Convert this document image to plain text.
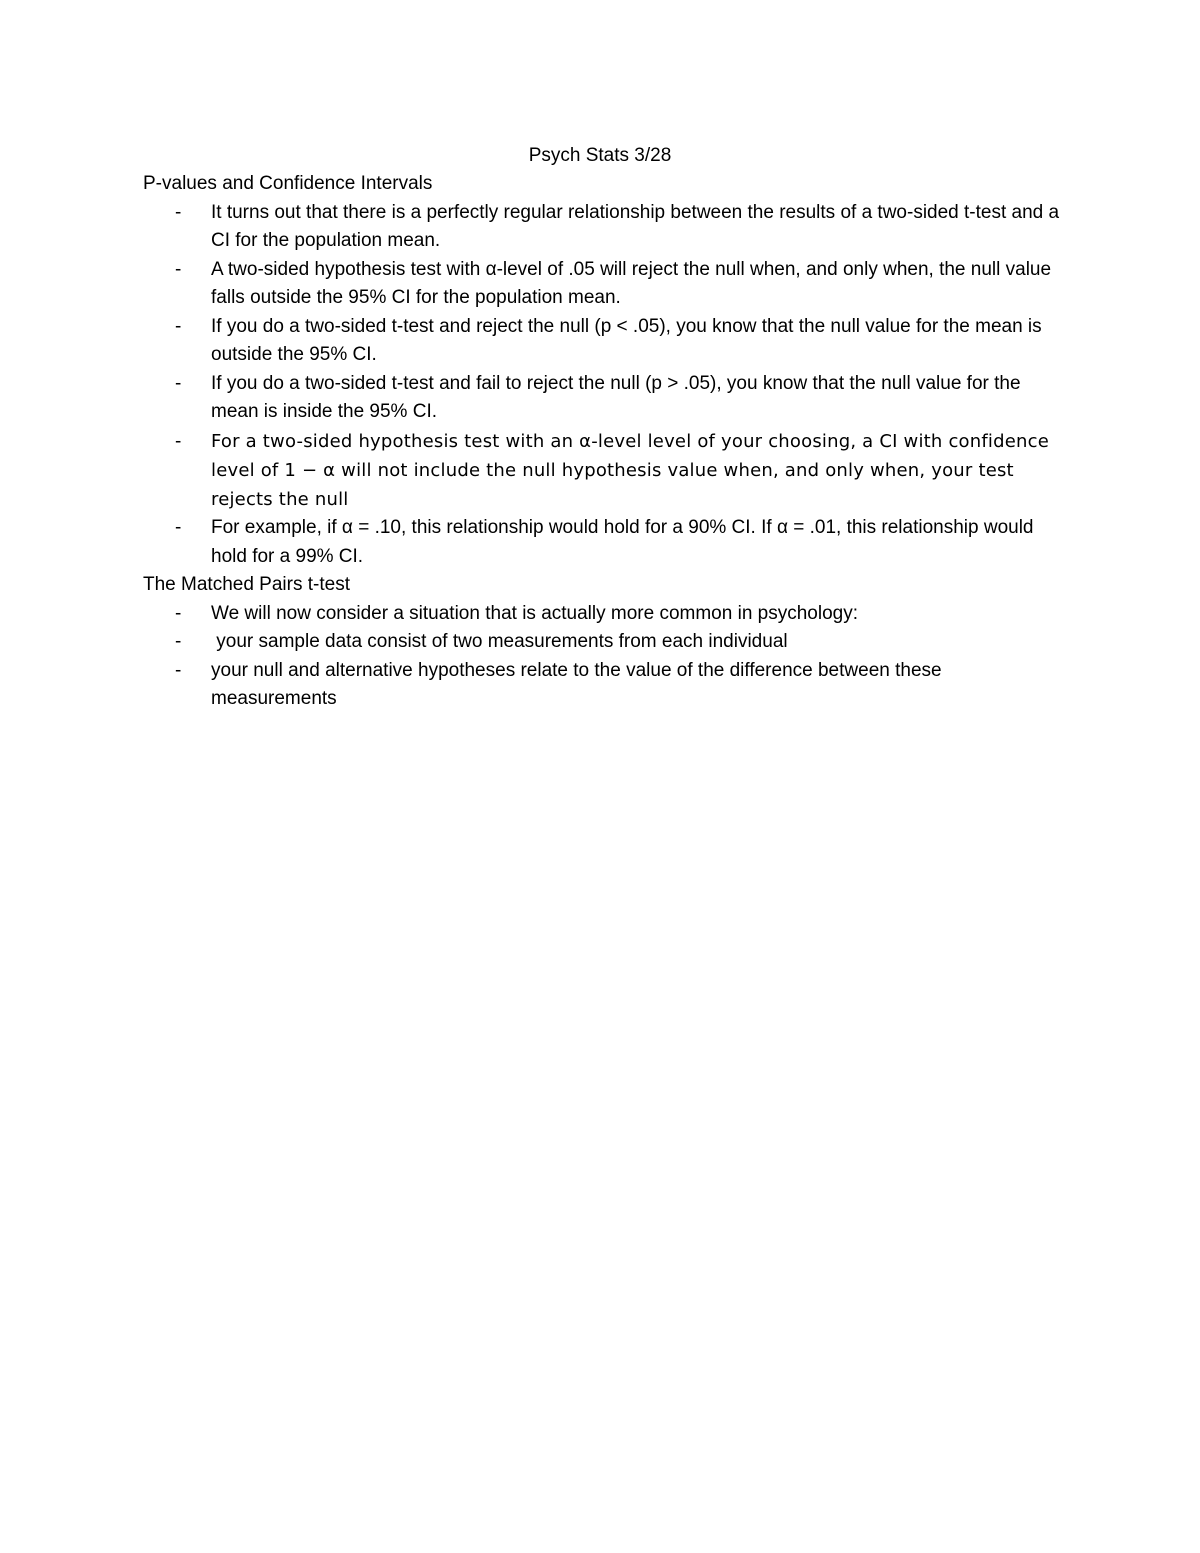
Psych Stats 3/28
P-values and Confidence Intervals
- It turns out that there is a perfectly regular relationship between the results of a two-sided t-test and a CI for the population mean.
- A two-sided hypothesis test with α-level of .05 will reject the null when, and only when, the null value falls outside the 95% CI for the population mean.
- If you do a two-sided t-test and reject the null (p < .05), you know that the null value for the mean is outside the 95% CI.
- If you do a two-sided t-test and fail to reject the null (p > .05), you know that the null value for the mean is inside the 95% CI.
- For a two-sided hypothesis test with an α-level level of your choosing, a CI with confidence level of 1 − α will not include the null hypothesis value when, and only when, your test rejects the null
- For example, if α = .10, this relationship would hold for a 90% CI. If α = .01, this relationship would hold for a 99% CI.
The Matched Pairs t-test
- We will now consider a situation that is actually more common in psychology:
- your sample data consist of two measurements from each individual
- your null and alternative hypotheses relate to the value of the difference between these measurements
